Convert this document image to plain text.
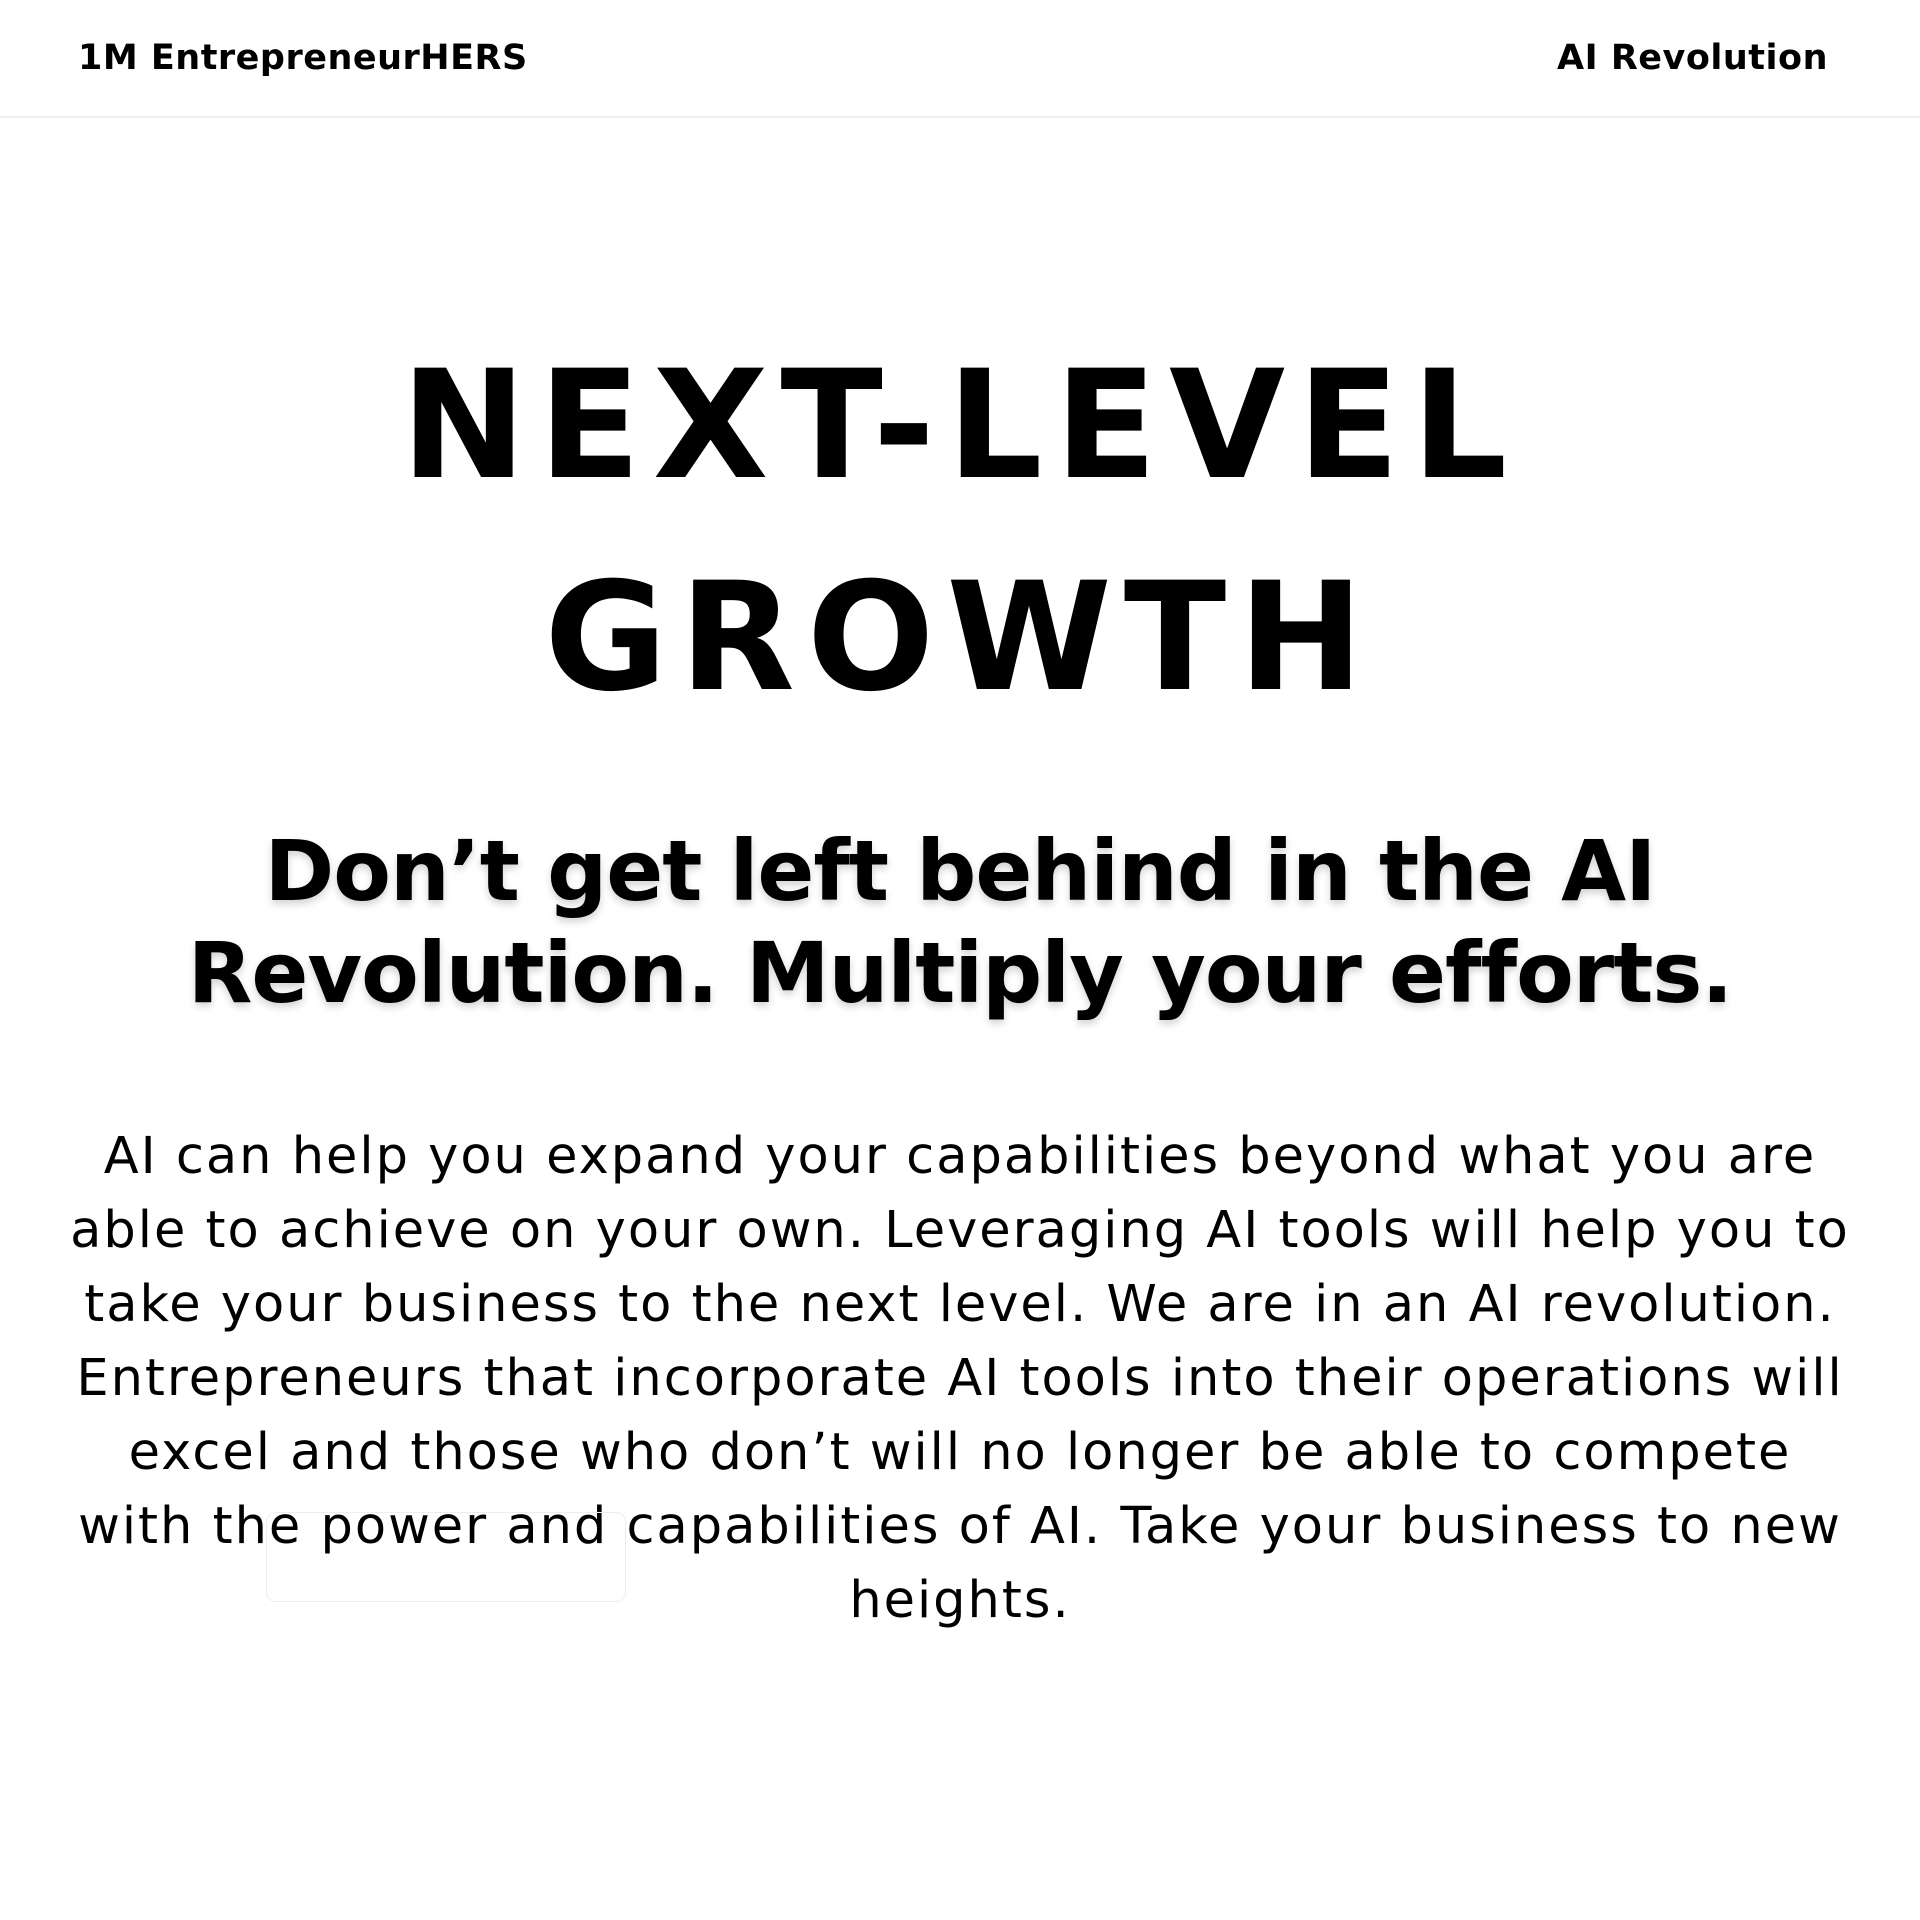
1M EntrepreneurHERS	AI Revolution
NEXT-LEVEL
GROWTH
Don’t get left behind in the AI Revolution. Multiply your efforts.

AI can help you expand your capabilities beyond what you are able to achieve on your own. Leveraging AI tools will help you to take your business to the next level. We are in an AI revolution. Entrepreneurs that incorporate AI tools into their operations will excel and those who don’t will no longer be able to compete with the power and capabilities of AI. Take your business to new heights.
